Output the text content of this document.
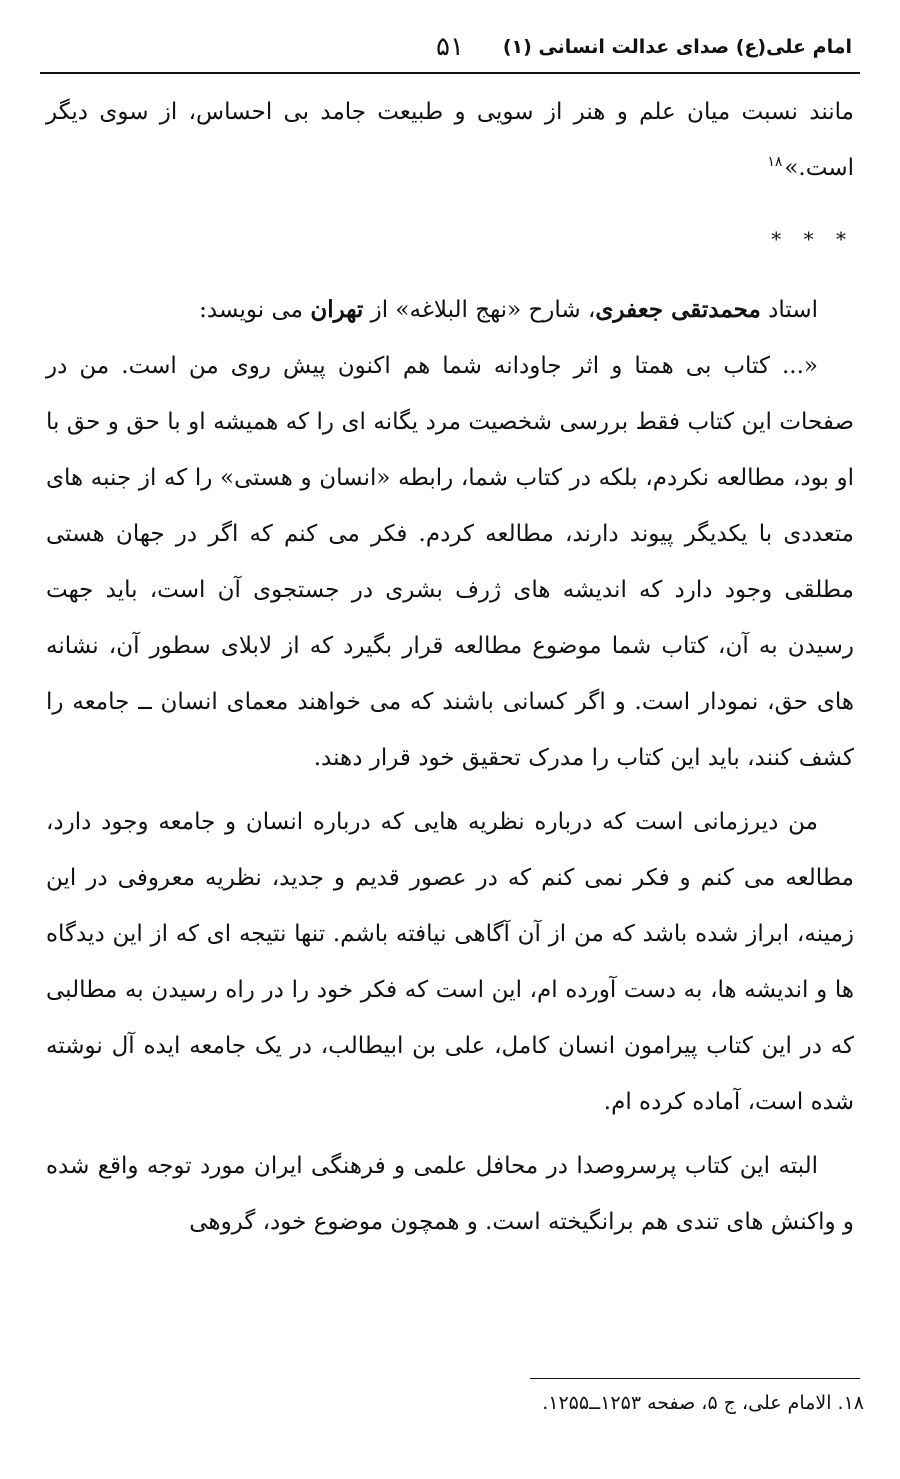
امام علی(ع) صدای عدالت انسانی (۱)
۵۱

مانند نسبت میان علم و هنر از سویی و طبیعت جامد بی احساس، از سوی دیگر است.»$^{۱۸}$

* * *

استاد محمدتقی جعفری، شارح «نهج البلاغه» از تهران می نویسد:

«... کتاب بی همتا و اثر جاودانه شما هم اکنون پیش روی من است. من در صفحات این کتاب فقط بررسی شخصیت مرد یگانه ای را که همیشه او با حق و حق با او بود، مطالعه نکردم، بلکه در کتاب شما، رابطه «انسان و هستی» را که از جنبه های متعددی با یکدیگر پیوند دارند، مطالعه کردم. فکر می کنم که اگر در جهان هستی مطلقی وجود دارد که اندیشه های ژرف بشری در جستجوی آن است، باید جهت رسیدن به آن، کتاب شما موضوع مطالعه قرار بگیرد که از لابلای سطور آن، نشانه های حق، نمودار است. و اگر کسانی باشند که می خواهند معمای انسان ــ جامعه را کشف کنند، باید این کتاب را مدرک تحقیق خود قرار دهند.

من دیرزمانی است که درباره نظریه هایی که درباره انسان و جامعه وجود دارد، مطالعه می کنم و فکر نمی کنم که در عصور قدیم و جدید، نظریه معروفی در این زمینه، ابراز شده باشد که من از آن آگاهی نیافته باشم. تنها نتیجه ای که از این دیدگاه ها و اندیشه ها، به دست آورده ام، این است که فکر خود را در راه رسیدن به مطالبی که در این کتاب پیرامون انسان کامل، علی بن ابیطالب، در یک جامعه ایده آل نوشته شده است، آماده کرده ام.

البته این کتاب پرسروصدا در محافل علمی و فرهنگی ایران مورد توجه واقع شده و واکنش های تندی هم برانگیخته است. و همچون موضوع خود، گروهی

۱۸. الامام علی، ج ۵، صفحه ۱۲۵۳ــ۱۲۵۵.
